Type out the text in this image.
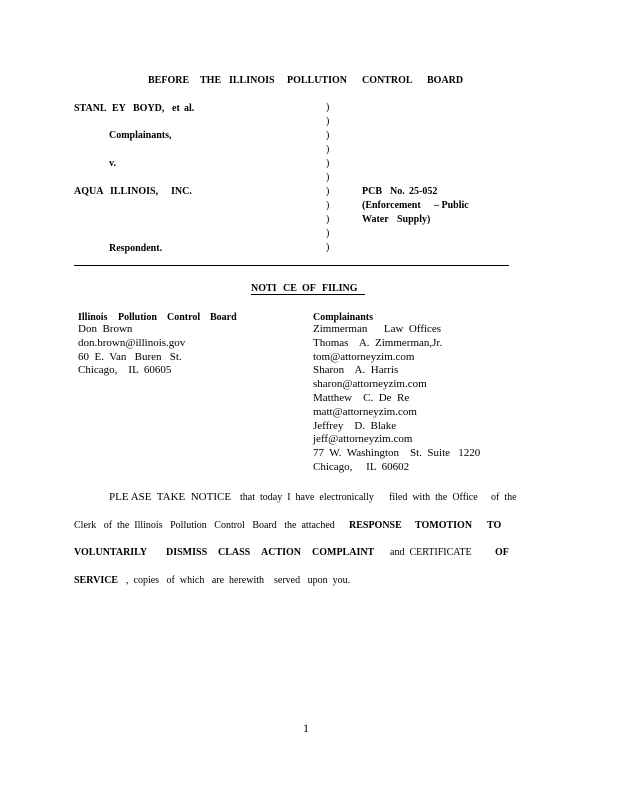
BEFORE THE ILLINOIS POLLUTION CONTROL BOARD
STANL EY BOYD, et al.
Complainants,
v.
AQUA ILLINOIS, INC.
Respondent.
)
)
)
)
)
)
)
)
)
)
)
PCB No. 25-052
(Enforcement – Public
Water Supply)
NOTI CE OF FILING
Illinois Pollution Control Board
Don  Brown
don.brown@illinois.gov
60  E.  Van   Buren   St.
Chicago,    IL  60605
Complainants
Zimmerman      Law  Offices
Thomas    A.  Zimmerman,Jr.
tom@attorneyzim.com
Sharon    A.  Harris
sharon@attorneyzim.com
Matthew    C.  De  Re
matt@attorneyzim.com
Jeffrey    D.  Blake
jeff@attorneyzim.com
77  W.  Washington    St.  Suite   1220
Chicago,     IL  60602
PLE ASE  TAKE  NOTICE that  today  I  have  electronically filed  with  the  Office of  the
Clerk   of  the  Illinois   Pollution   Control   Board   the  attached RESPONSE TOMOTION TO
VOLUNTARILY DISMISS CLASS ACTION COMPLAINT and  CERTIFICATE OF
SERVICE ,  copies   of  which   are  herewith    served   upon  you.
1
